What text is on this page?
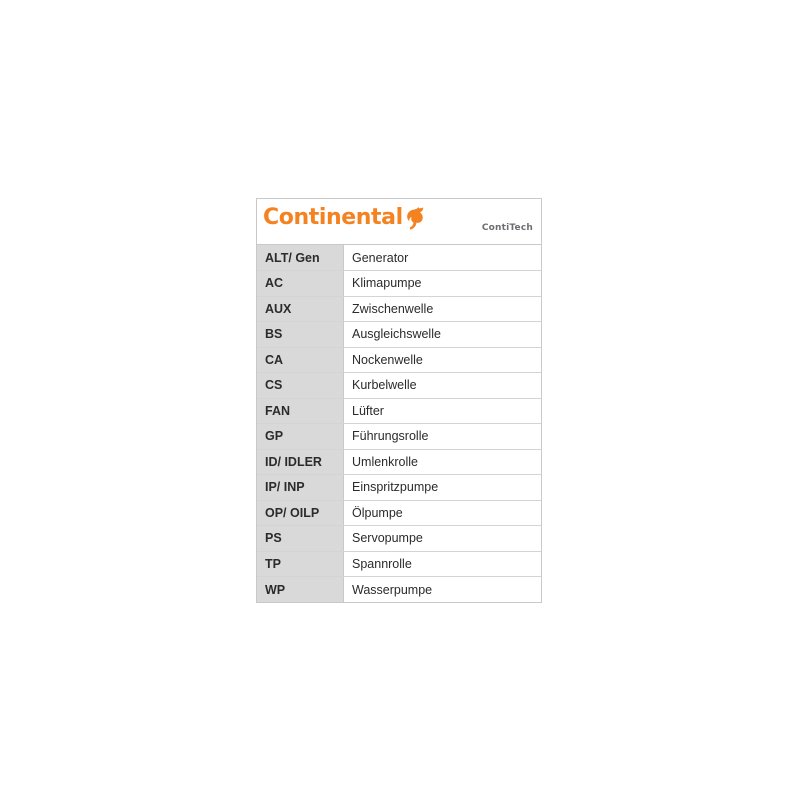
Continental	ContiTech
ALT/ Gen	Generator
AC	Klimapumpe
AUX	Zwischenwelle
BS	Ausgleichswelle
CA	Nockenwelle
CS	Kurbelwelle
FAN	Lüfter
GP	Führungsrolle
ID/ IDLER	Umlenkrolle
IP/ INP	Einspritzpumpe
OP/ OILP	Ölpumpe
PS	Servopumpe
TP	Spannrolle
WP	Wasserpumpe
